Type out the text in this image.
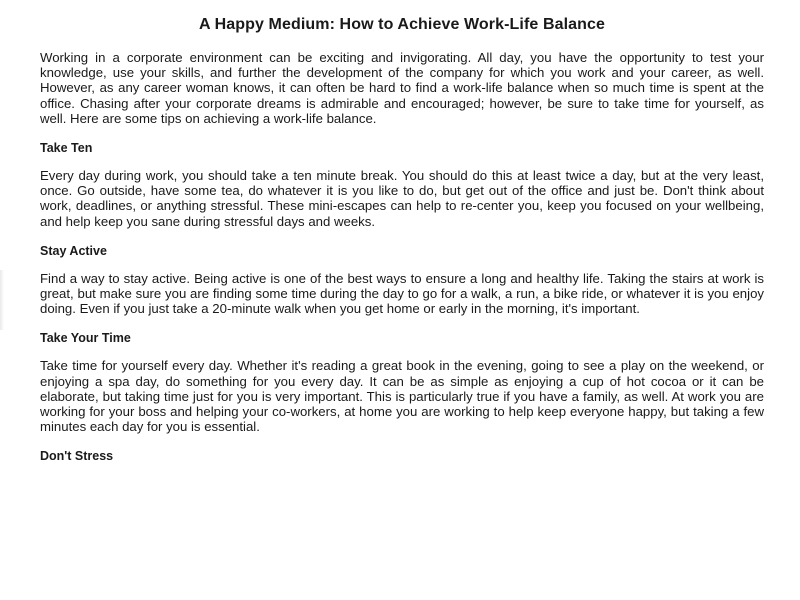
A Happy Medium: How to Achieve Work-Life Balance

Working in a corporate environment can be exciting and invigorating. All day, you have the opportunity to test your knowledge, use your skills, and further the development of the company for which you work and your career, as well. However, as any career woman knows, it can often be hard to find a work-life balance when so much time is spent at the office. Chasing after your corporate dreams is admirable and encouraged; however, be sure to take time for yourself, as well. Here are some tips on achieving a work-life balance.

Take Ten

Every day during work, you should take a ten minute break. You should do this at least twice a day, but at the very least, once. Go outside, have some tea, do whatever it is you like to do, but get out of the office and just be. Don't think about work, deadlines, or anything stressful. These mini-escapes can help to re-center you, keep you focused on your wellbeing, and help keep you sane during stressful days and weeks.

Stay Active

Find a way to stay active. Being active is one of the best ways to ensure a long and healthy life. Taking the stairs at work is great, but make sure you are finding some time during the day to go for a walk, a run, a bike ride, or whatever it is you enjoy doing. Even if you just take a 20-minute walk when you get home or early in the morning, it's important.

Take Your Time

Take time for yourself every day. Whether it's reading a great book in the evening, going to see a play on the weekend, or enjoying a spa day, do something for you every day. It can be as simple as enjoying a cup of hot cocoa or it can be elaborate, but taking time just for you is very important. This is particularly true if you have a family, as well. At work you are working for your boss and helping your co-workers, at home you are working to help keep everyone happy, but taking a few minutes each day for you is essential.

Don't Stress
